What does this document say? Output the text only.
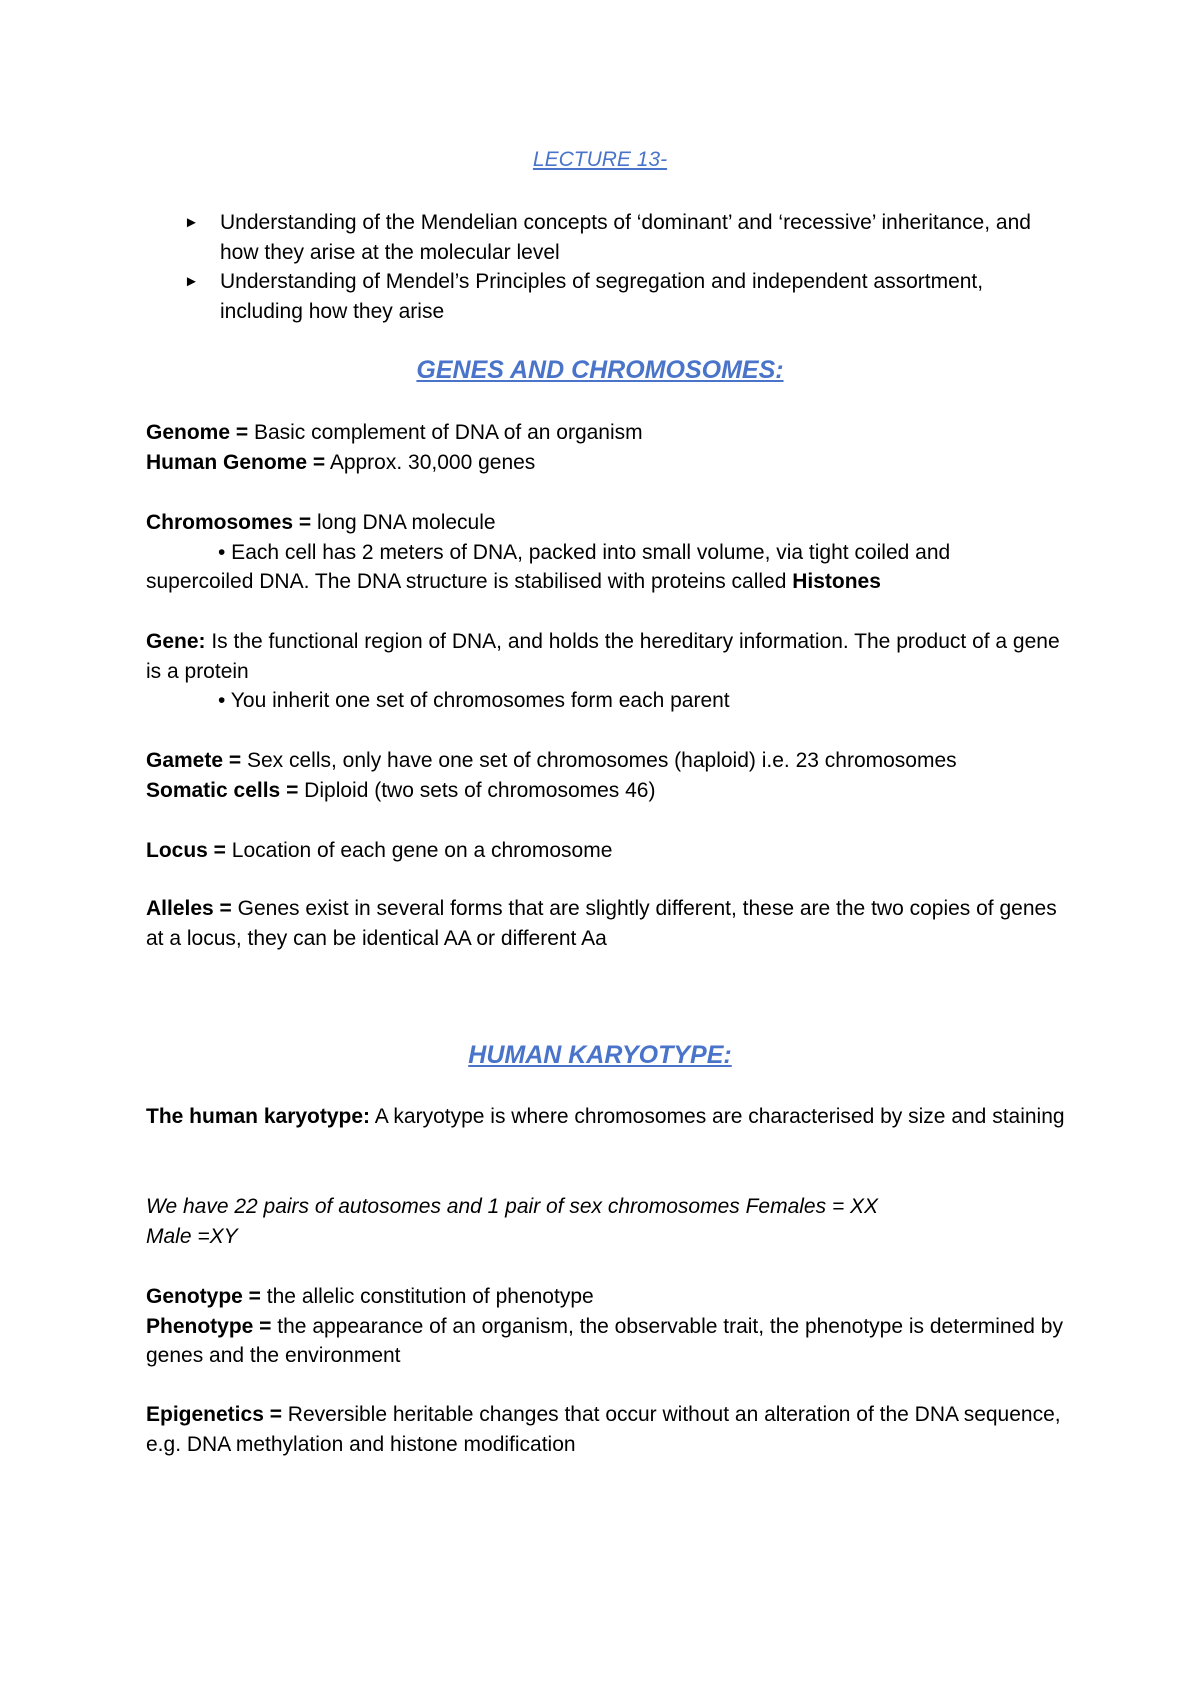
LECTURE 13-
► Understanding of the Mendelian concepts of ‘dominant’ and ‘recessive’ inheritance, and how they arise at the molecular level
► Understanding of Mendel’s Principles of segregation and independent assortment, including how they arise
GENES AND CHROMOSOMES:

Genome = Basic complement of DNA of an organism

Human Genome = Approx. 30,000 genes

Chromosomes = long DNA molecule

• Each cell has 2 meters of DNA, packed into small volume, via tight coiled and

supercoiled DNA. The DNA structure is stabilised with proteins called Histones

Gene: Is the functional region of DNA, and holds the hereditary information. The product of a gene is a protein

• You inherit one set of chromosomes form each parent

Gamete = Sex cells, only have one set of chromosomes (haploid) i.e. 23 chromosomes

Somatic cells = Diploid (two sets of chromosomes 46)

Locus = Location of each gene on a chromosome

Alleles = Genes exist in several forms that are slightly different, these are the two copies of genes at a locus, they can be identical AA or different Aa

HUMAN KARYOTYPE:

The human karyotype: A karyotype is where chromosomes are characterised by size and staining

We have 22 pairs of autosomes and 1 pair of sex chromosomes Females = XX

Male =XY

Genotype = the allelic constitution of phenotype

Phenotype = the appearance of an organism, the observable trait, the phenotype is determined by genes and the environment

Epigenetics = Reversible heritable changes that occur without an alteration of the DNA sequence, e.g. DNA methylation and histone modification
